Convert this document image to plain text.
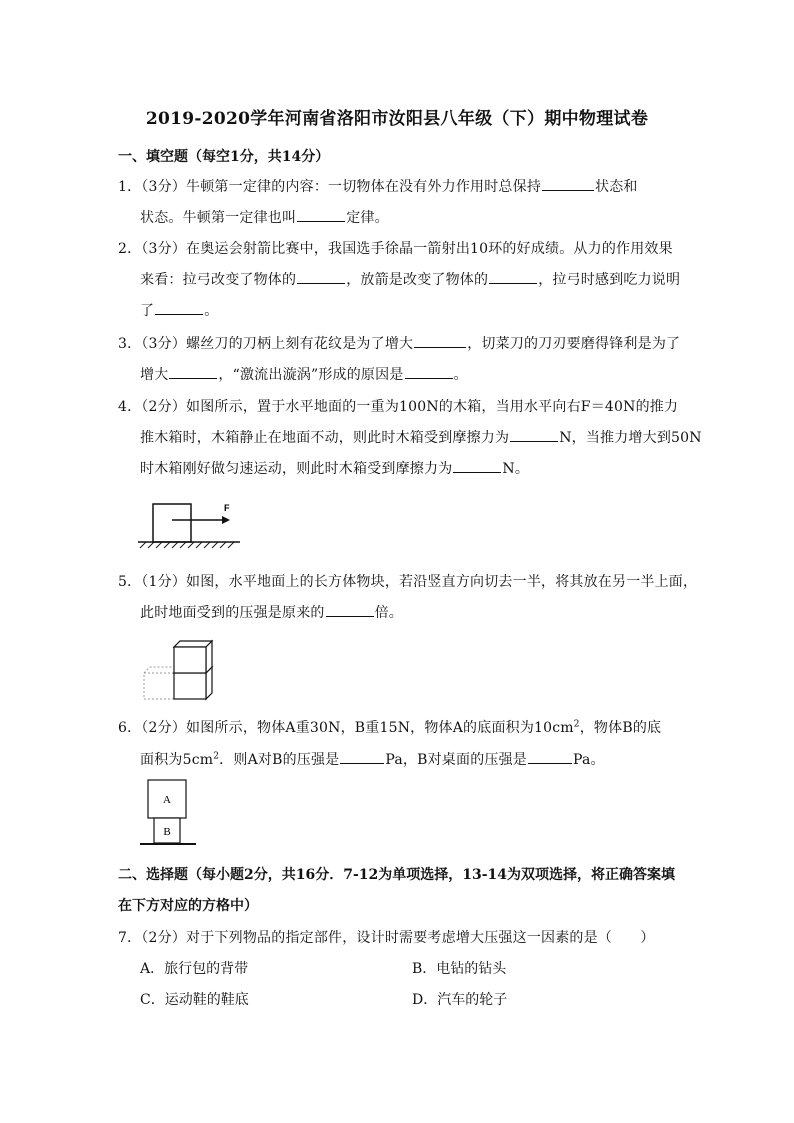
2019-2020学年河南省洛阳市汝阳县八年级（下）期中物理试卷
一、填空题（每空1分，共14分）
1．（3分）牛顿第一定律的内容：一切物体在没有外力作用时总保持	状态和
状态。牛顿第一定律也叫	定律。
2．（3分）在奥运会射箭比赛中，我国选手徐晶一箭射出10环的好成绩。从力的作用效果
来看：拉弓改变了物体的	，放箭是改变了物体的	，拉弓时感到吃力说明
了	。
3．（3分）螺丝刀的刀柄上刻有花纹是为了增大	，切菜刀的刀刃要磨得锋利是为了
增大	，“激流出漩涡”形成的原因是	。
4．（2分）如图所示，置于水平地面的一重为100N的木箱，当用水平向右F＝40N的推力
推木箱时，木箱静止在地面不动，则此时木箱受到摩擦力为	N，当推力增大到50N
时木箱刚好做匀速运动，则此时木箱受到摩擦力为	N。
F
5．（1分）如图，水平地面上的长方体物块，若沿竖直方向切去一半，将其放在另一半上面，
此时地面受到的压强是原来的	倍。
6．（2分）如图所示，物体A重30N，B重15N，物体A的底面积为$10cm^2$，物体B的底
面积为$5cm^2$．则A对B的压强是	Pa，B对桌面的压强是	Pa。
A
B
二、选择题（每小题2分，共16分．7-12为单项选择，13-14为双项选择，将正确答案填
在下方对应的方格中）
7．（2分）对于下列物品的指定部件，设计时需要考虑增大压强这一因素的是（　　）
A．旅行包的背带	B．电钻的钻头
C．运动鞋的鞋底	D．汽车的轮子
